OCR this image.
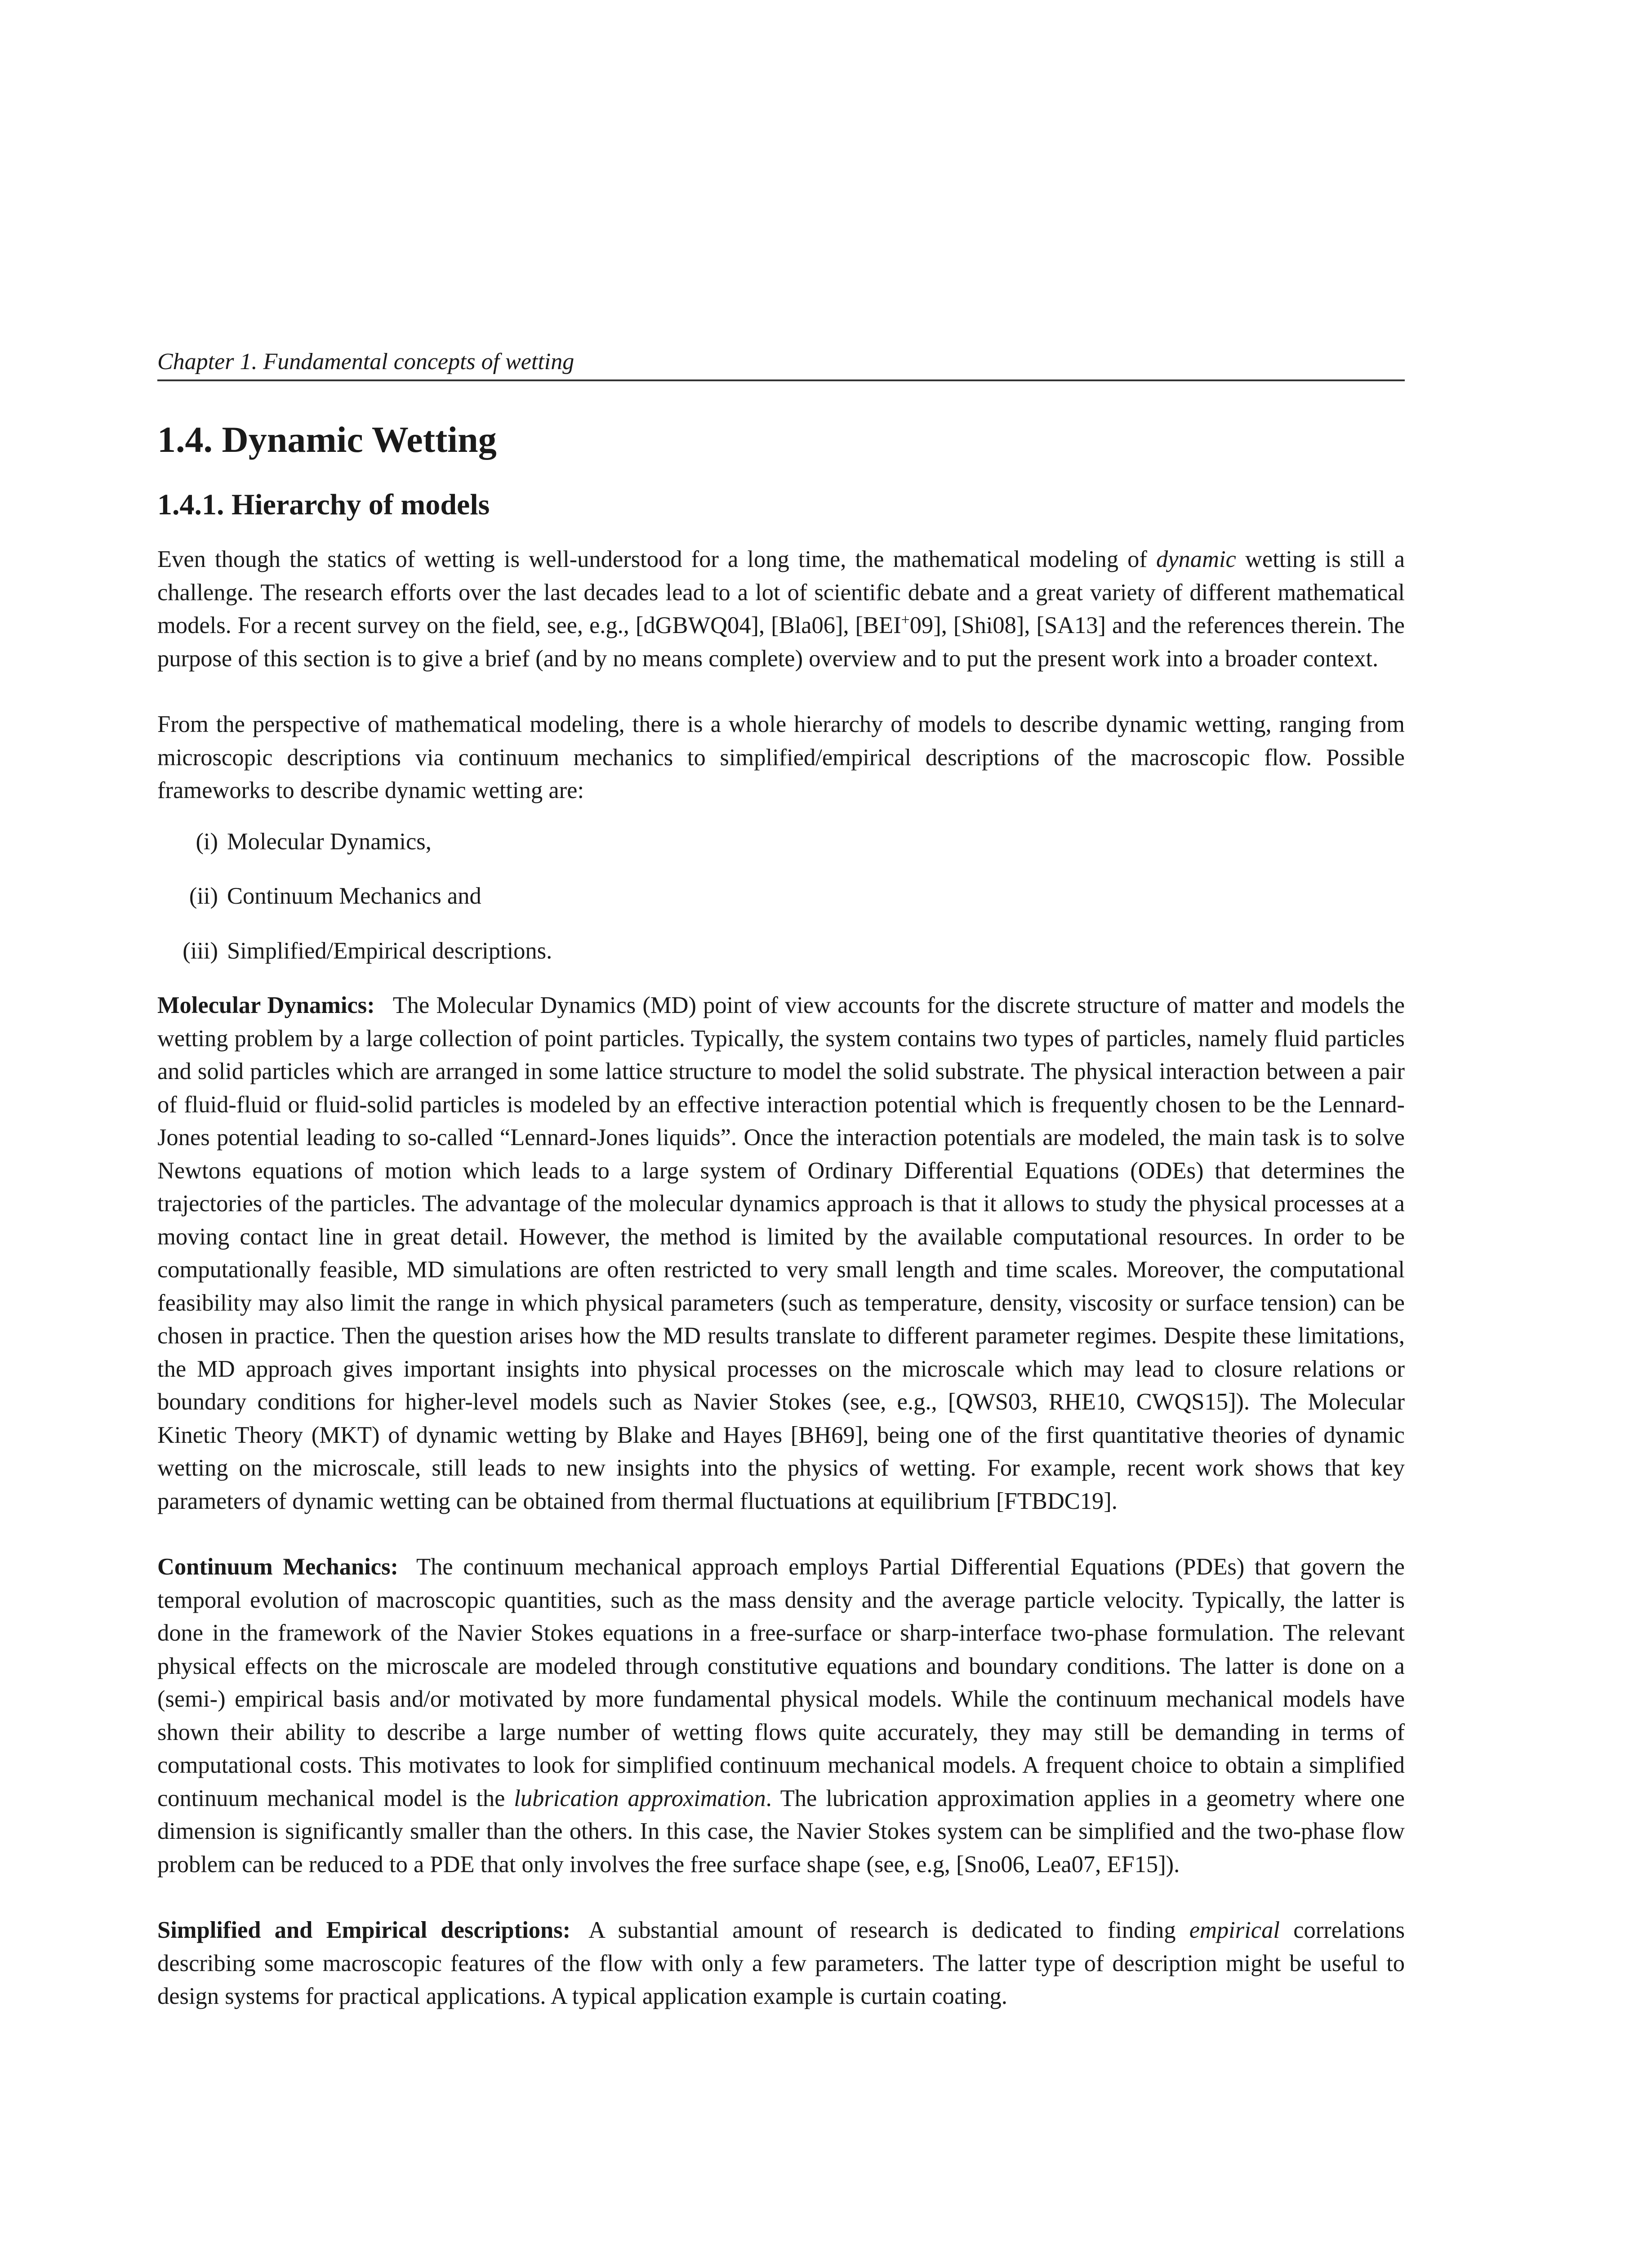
Chapter 1. Fundamental concepts of wetting
1.4. Dynamic Wetting
1.4.1. Hierarchy of models

Even though the statics of wetting is well-understood for a long time, the mathematical modeling of dynamic wetting is still a challenge. The research efforts over the last decades lead to a lot of scientific debate and a great variety of different mathematical models. For a recent survey on the field, see, e.g., [dGBWQ04], [Bla06], [BEI+09], [Shi08], [SA13] and the references therein. The purpose of this section is to give a brief (and by no means complete) overview and to put the present work into a broader context.

From the perspective of mathematical modeling, there is a whole hierarchy of models to describe dynamic wetting, ranging from microscopic descriptions via continuum mechanics to simplified/empirical descriptions of the macroscopic flow. Possible frameworks to describe dynamic wetting are:

(i) Molecular Dynamics,
(ii) Continuum Mechanics and
(iii) Simplified/Empirical descriptions.

Molecular Dynamics: The Molecular Dynamics (MD) point of view accounts for the discrete structure of matter and models the wetting problem by a large collection of point particles. Typically, the system contains two types of particles, namely fluid particles and solid particles which are arranged in some lattice structure to model the solid substrate. The physical interaction between a pair of fluid-fluid or fluid-solid particles is modeled by an effective interaction potential which is frequently chosen to be the Lennard-Jones potential leading to so-called “Lennard-Jones liquids”. Once the interaction potentials are modeled, the main task is to solve Newtons equations of motion which leads to a large system of Ordinary Differential Equations (ODEs) that determines the trajectories of the particles. The advantage of the molecular dynamics approach is that it allows to study the physical processes at a moving contact line in great detail. However, the method is limited by the available computational resources. In order to be computationally feasible, MD simulations are often restricted to very small length and time scales. Moreover, the computational feasibility may also limit the range in which physical parameters (such as temperature, density, viscosity or surface tension) can be chosen in practice. Then the question arises how the MD results translate to different parameter regimes. Despite these limitations, the MD approach gives important insights into physical processes on the microscale which may lead to closure relations or boundary conditions for higher-level models such as Navier Stokes (see, e.g., [QWS03, RHE10, CWQS15]). The Molecular Kinetic Theory (MKT) of dynamic wetting by Blake and Hayes [BH69], being one of the first quantitative theories of dynamic wetting on the microscale, still leads to new insights into the physics of wetting. For example, recent work shows that key parameters of dynamic wetting can be obtained from thermal fluctuations at equilibrium [FTBDC19].

Continuum Mechanics: The continuum mechanical approach employs Partial Differential Equations (PDEs) that govern the temporal evolution of macroscopic quantities, such as the mass density and the average particle velocity. Typically, the latter is done in the framework of the Navier Stokes equations in a free-surface or sharp-interface two-phase formulation. The relevant physical effects on the microscale are modeled through constitutive equations and boundary conditions. The latter is done on a (semi-) empirical basis and/or motivated by more fundamental physical models. While the continuum mechanical models have shown their ability to describe a large number of wetting flows quite accurately, they may still be demanding in terms of computational costs. This motivates to look for simplified continuum mechanical models. A frequent choice to obtain a simplified continuum mechanical model is the lubrication approximation. The lubrication approximation applies in a geometry where one dimension is significantly smaller than the others. In this case, the Navier Stokes system can be simplified and the two-phase flow problem can be reduced to a PDE that only involves the free surface shape (see, e.g, [Sno06, Lea07, EF15]).

Simplified and Empirical descriptions: A substantial amount of research is dedicated to finding empirical correlations describing some macroscopic features of the flow with only a few parameters. The latter type of description might be useful to design systems for practical applications. A typical application example is curtain coating.
